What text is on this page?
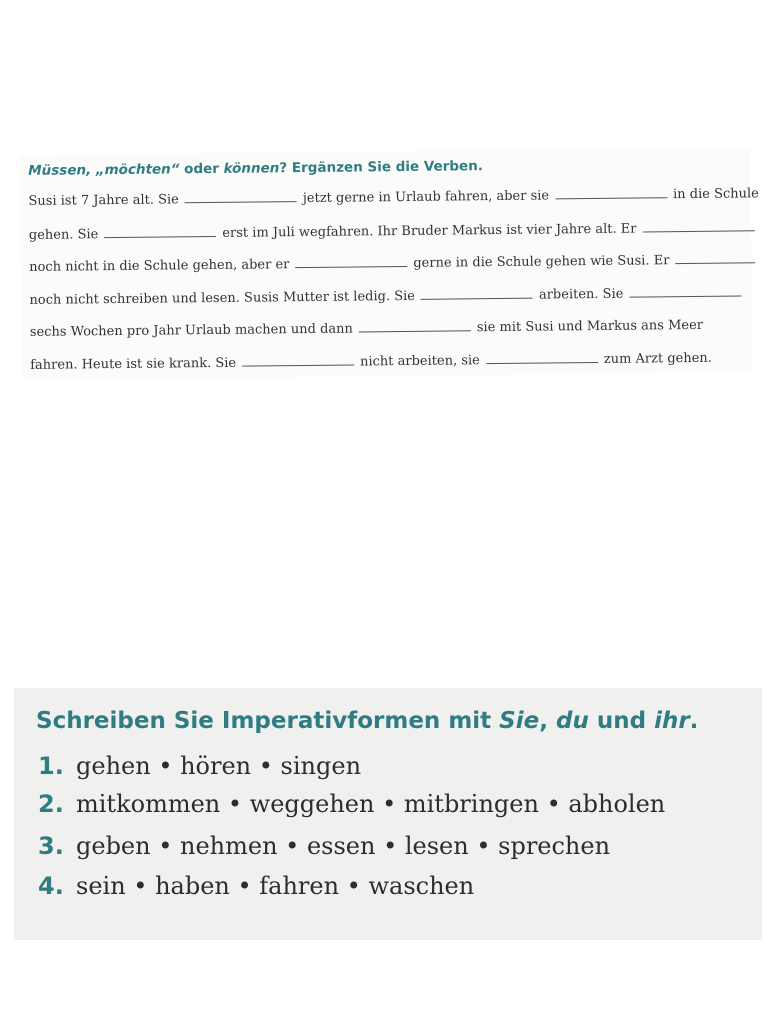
Müssen, „möchten“ oder können? Ergänzen Sie die Verben.
Susi ist 7 Jahre alt. Sie	jetzt gerne in Urlaub fahren, aber sie	in die Schule
gehen. Sie	erst im Juli wegfahren. Ihr Bruder Markus ist vier Jahre alt. Er
noch nicht in die Schule gehen, aber er	gerne in die Schule gehen wie Susi. Er
noch nicht schreiben und lesen. Susis Mutter ist ledig. Sie	arbeiten. Sie
sechs Wochen pro Jahr Urlaub machen und dann	sie mit Susi und Markus ans Meer
fahren. Heute ist sie krank. Sie	nicht arbeiten, sie	zum Arzt gehen.
Schreiben Sie Imperativformen mit Sie, du und ihr.
1. gehen • hören • singen
2. mitkommen • weggehen • mitbringen • abholen
3. geben • nehmen • essen • lesen • sprechen
4. sein • haben • fahren • waschen
